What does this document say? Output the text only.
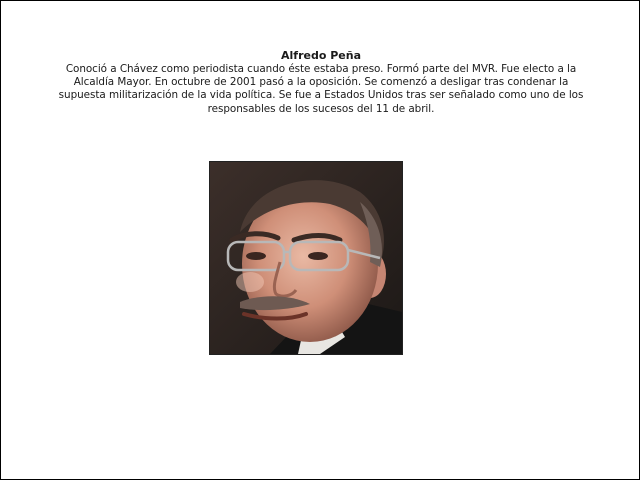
Alfredo Peña

Conoció a Chávez como periodista cuando éste estaba preso. Formó parte del MVR. Fue electo a la Alcaldía Mayor. En octubre de 2001 pasó a la oposición. Se comenzó a desligar tras condenar la supuesta militarización de la vida política. Se fue a Estados Unidos tras ser señalado como uno de los responsables de los sucesos del 11 de abril.
